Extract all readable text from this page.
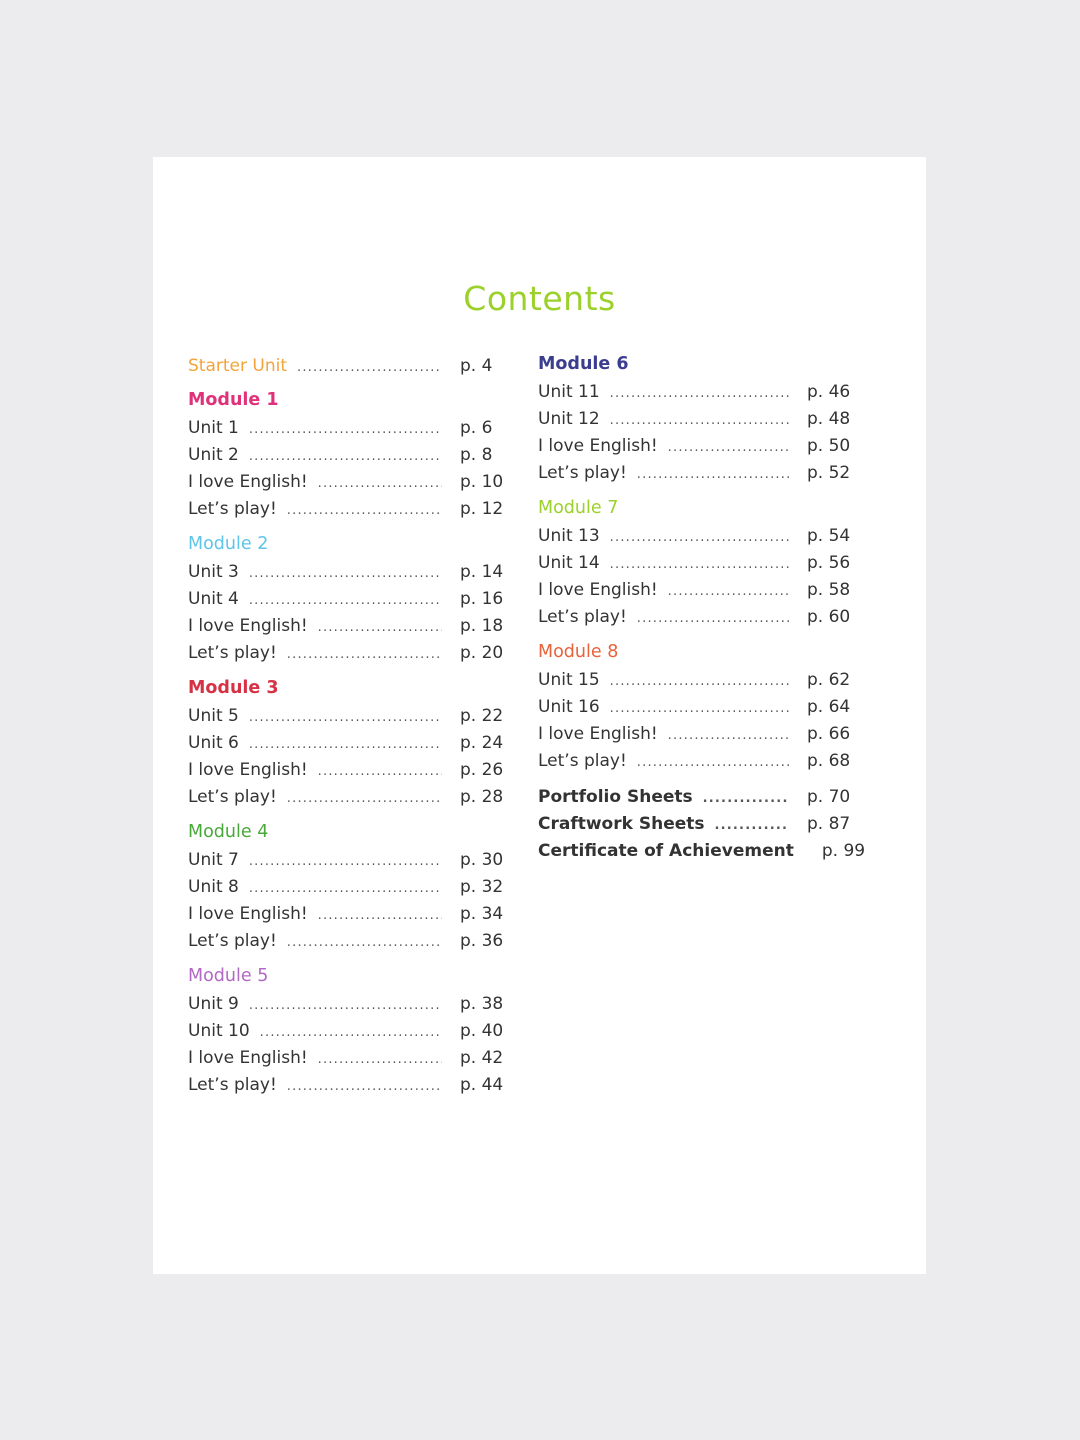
Contents
Starter Unit .....	p. 4
Module 1
Unit 1 .....	p. 6
Unit 2 .....	p. 8
I love English! .....	p. 10
Let’s play! .....	p. 12
Module 2
Unit 3 .....	p. 14
Unit 4 .....	p. 16
I love English! .....	p. 18
Let’s play! .....	p. 20
Module 3
Unit 5 .....	p. 22
Unit 6 .....	p. 24
I love English! .....	p. 26
Let’s play! .....	p. 28
Module 4
Unit 7 .....	p. 30
Unit 8 .....	p. 32
I love English! .....	p. 34
Let’s play! .....	p. 36
Module 5
Unit 9 .....	p. 38
Unit 10 .....	p. 40
I love English! .....	p. 42
Let’s play! .....	p. 44
Module 6
Unit 11 .....	p. 46
Unit 12 .....	p. 48
I love English! .....	p. 50
Let’s play! .....	p. 52
Module 7
Unit 13 .....	p. 54
Unit 14 .....	p. 56
I love English! .....	p. 58
Let’s play! .....	p. 60
Module 8
Unit 15 .....	p. 62
Unit 16 .....	p. 64
I love English! .....	p. 66
Let’s play! .....	p. 68
Portfolio Sheets .....	p. 70
Craftwork Sheets .....	p. 87
Certificate of Achievement	p. 99
